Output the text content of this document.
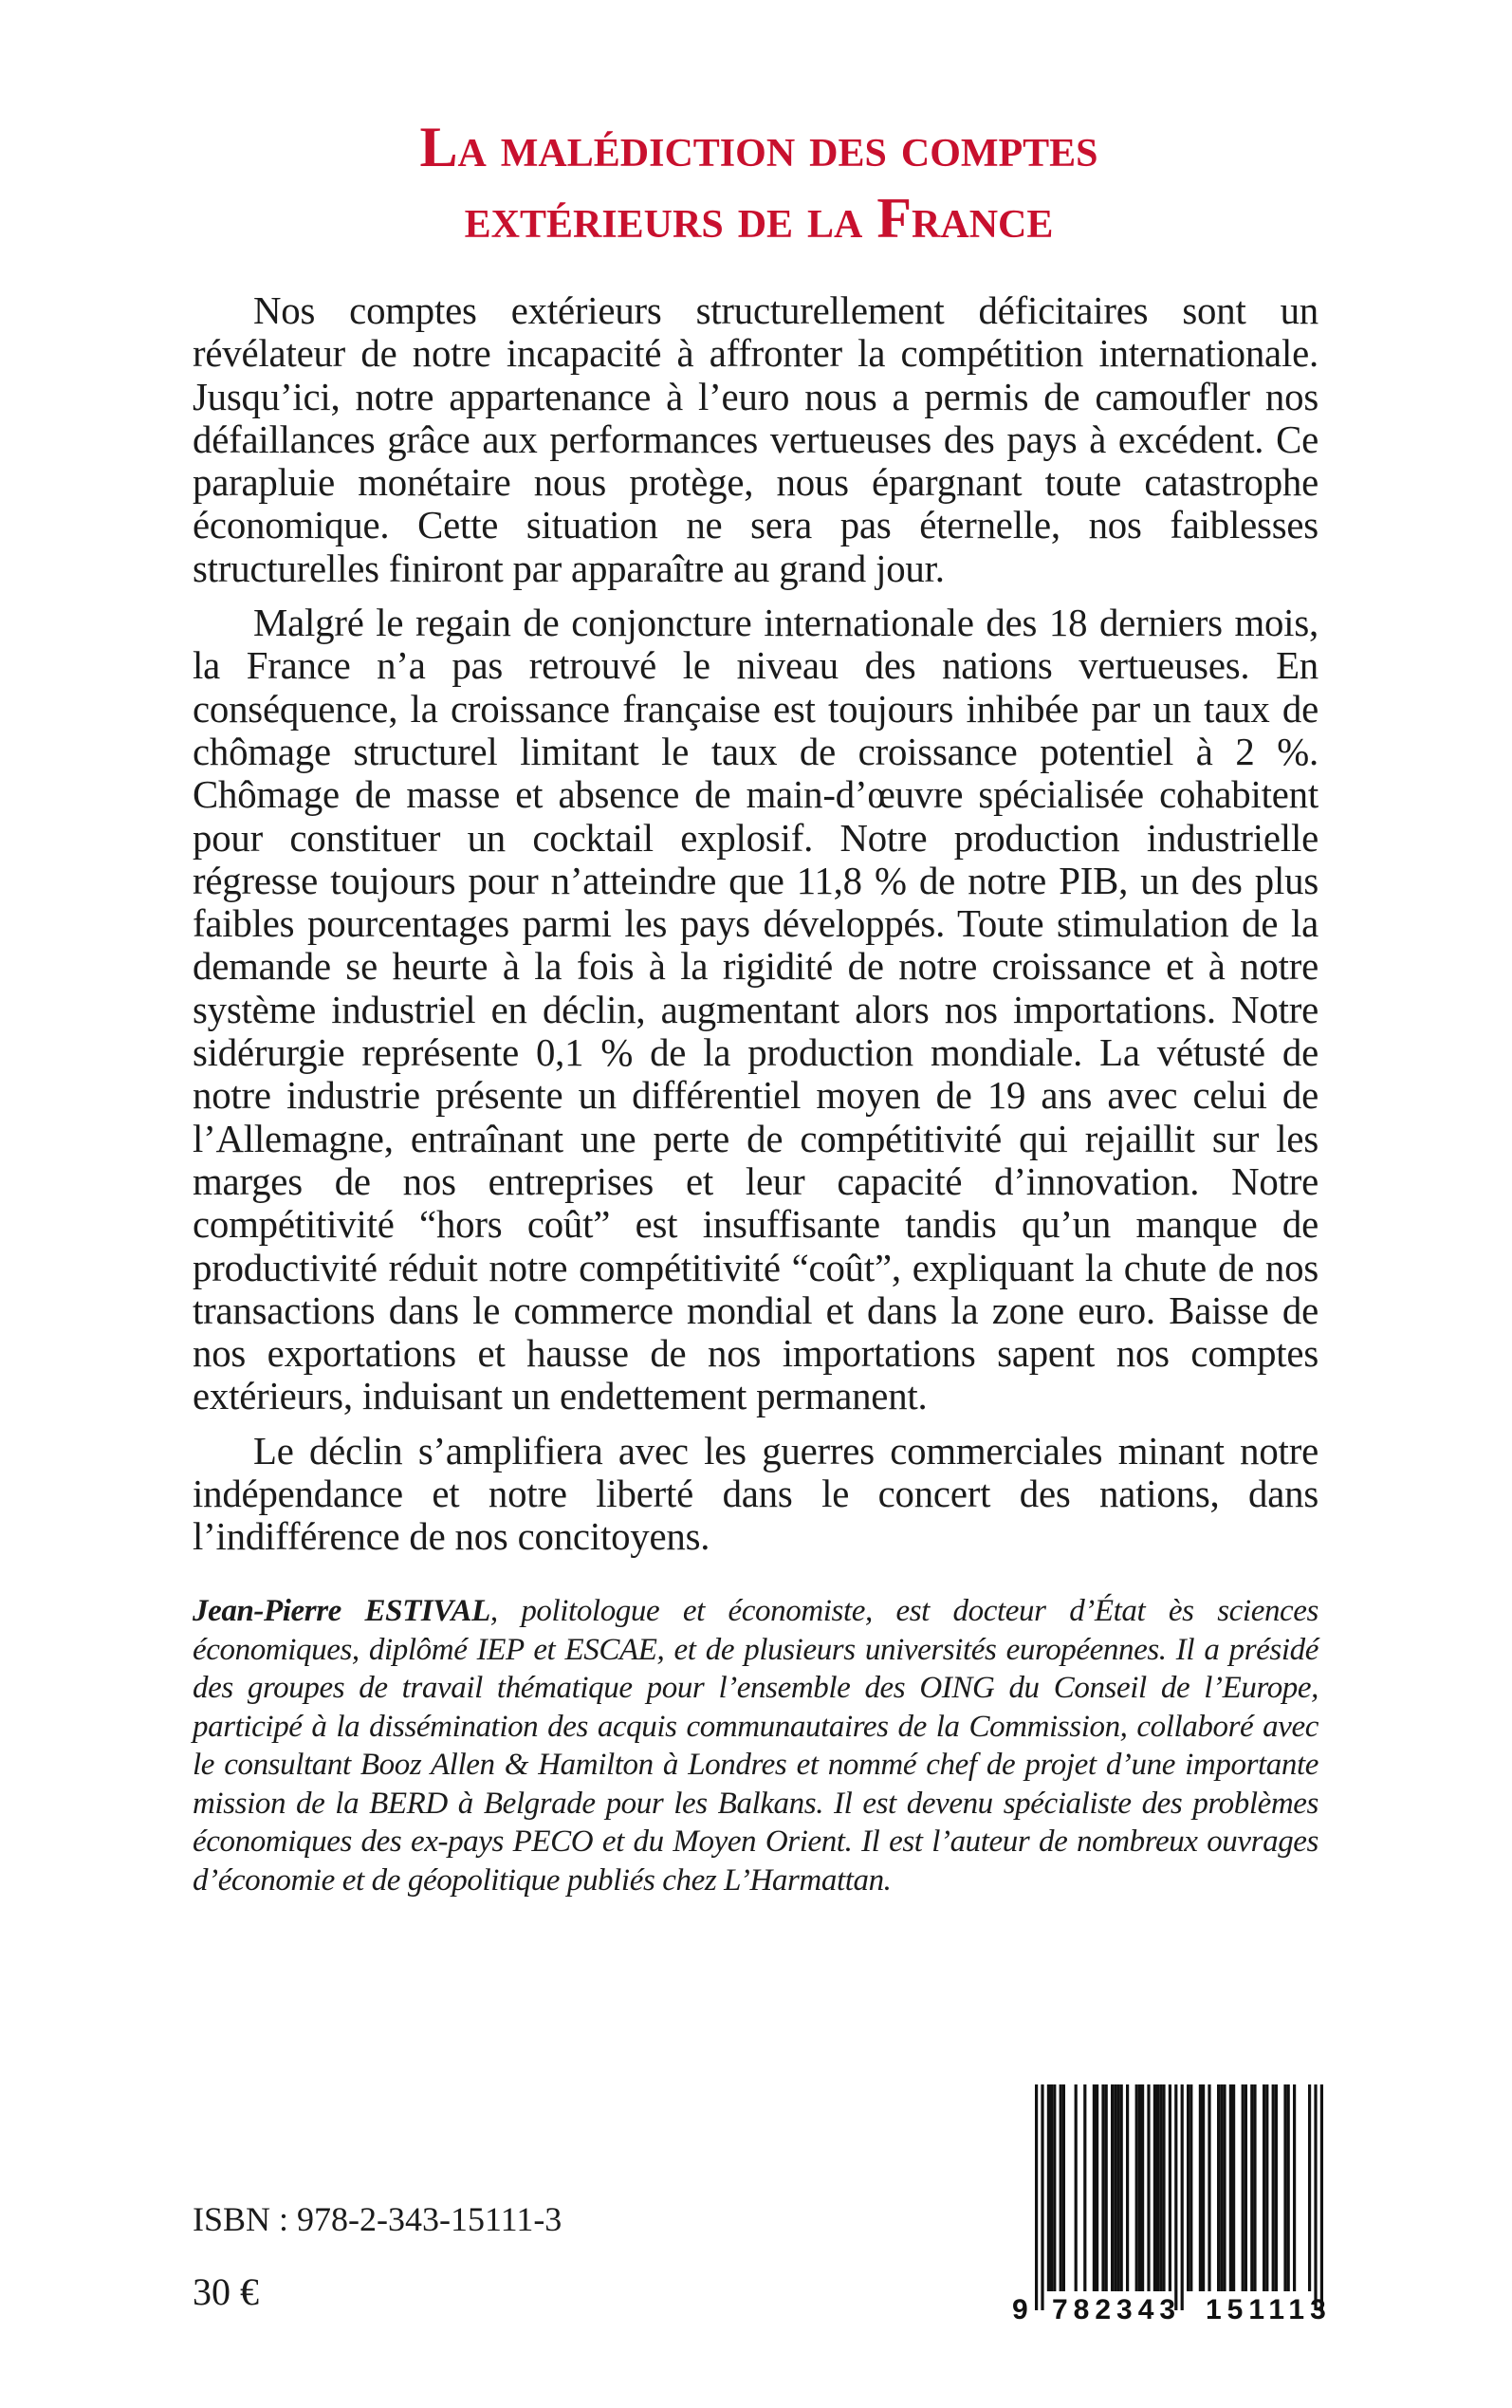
La malédiction des comptes
extérieurs de la France

Nos comptes extérieurs structurellement déficitaires sont un révélateur de notre incapacité à affronter la compétition internationale. Jusqu’ici, notre appartenance à l’euro nous a permis de camoufler nos défaillances grâce aux performances vertueuses des pays à excédent. Ce parapluie monétaire nous protège, nous épargnant toute catastrophe économique. Cette situation ne sera pas éternelle, nos faiblesses structurelles finiront par apparaître au grand jour.

Malgré le regain de conjoncture internationale des 18 derniers mois, la France n’a pas retrouvé le niveau des nations vertueuses. En conséquence, la croissance française est toujours inhibée par un taux de chômage structurel limitant le taux de croissance potentiel à 2 %. Chômage de masse et absence de main-d’œuvre spécialisée cohabitent pour constituer un cocktail explosif. Notre production industrielle régresse toujours pour n’atteindre que 11,8 % de notre PIB, un des plus faibles pourcentages parmi les pays développés. Toute stimulation de la demande se heurte à la fois à la rigidité de notre croissance et à notre système industriel en déclin, augmentant alors nos importations. Notre sidérurgie représente 0,1 % de la production mondiale. La vétusté de notre industrie présente un différentiel moyen de 19 ans avec celui de l’Allemagne, entraînant une perte de compétitivité qui rejaillit sur les marges de nos entreprises et leur capacité d’innovation. Notre compétitivité “hors coût” est insuffisante tandis qu’un manque de productivité réduit notre compétitivité “coût”, expliquant la chute de nos transactions dans le commerce mondial et dans la zone euro. Baisse de nos exportations et hausse de nos importations sapent nos comptes extérieurs, induisant un endettement permanent.

Le déclin s’amplifiera avec les guerres commerciales minant notre indépendance et notre liberté dans le concert des nations, dans l’indifférence de nos concitoyens.

Jean-Pierre ESTIVAL, politologue et économiste, est docteur d’État ès sciences économiques, diplômé IEP et ESCAE, et de plusieurs universités européennes. Il a présidé des groupes de travail thématique pour l’ensemble des OING du Conseil de l’Europe, participé à la dissémination des acquis communautaires de la Commission, collaboré avec le consultant Booz Allen & Hamilton à Londres et nommé chef de projet d’une importante mission de la BERD à Belgrade pour les Balkans. Il est devenu spécialiste des problèmes économiques des ex-pays PECO et du Moyen Orient. Il est l’auteur de nombreux ouvrages d’économie et de géopolitique publiés chez L’Harmattan.

ISBN : 978-2-343-15111-3

30 €	9 782343 151113
